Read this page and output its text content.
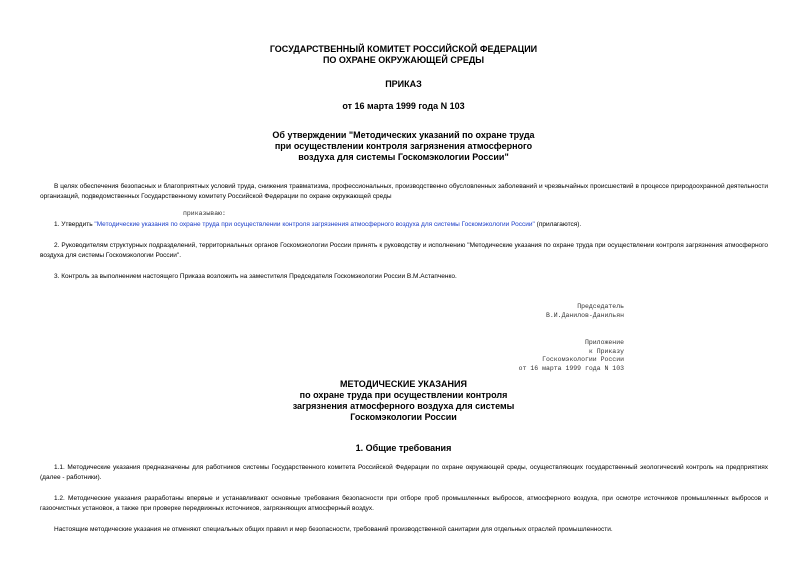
ГОСУДАРСТВЕННЫЙ КОМИТЕТ РОССИЙСКОЙ ФЕДЕРАЦИИ
ПО ОХРАНЕ ОКРУЖАЮЩЕЙ СРЕДЫ
ПРИКАЗ
от 16 марта 1999 года N 103
Об утверждении "Методических указаний по охране труда
при осуществлении контроля загрязнения атмосферного
воздуха для системы Госкомэкологии России"
В целях обеспечения безопасных и благоприятных условий труда, снижения травматизма, профессиональных, производственно обусловленных заболеваний и чрезвычайных происшествий в процессе природоохранной деятельности организаций, подведомственных Государственному комитету Российской Федерации по охране окружающей среды
приказываю:
1. Утвердить "Методические указания по охране труда при осуществлении контроля загрязнения атмосферного воздуха для системы Госкомэкологии России" (прилагаются).
2. Руководителям структурных подразделений, территориальных органов Госкомэкологии России принять к руководству и исполнению "Методические указания по охране труда при осуществлении контроля загрязнения атмосферного воздуха для системы Госкомэкологии России".
3. Контроль за выполнением настоящего Приказа возложить на заместителя Председателя Госкомэкологии России В.М.Астапченко.
Председатель
В.И.Данилов-Данильян
Приложение
к Приказу
Госкомэкологии России
от 16 марта 1999 года N 103
МЕТОДИЧЕСКИЕ УКАЗАНИЯ
по охране труда при осуществлении контроля
загрязнения атмосферного воздуха для системы
Госкомэкологии России
1. Общие требования
1.1. Методические указания предназначены для работников системы Государственного комитета Российской Федерации по охране окружающей среды, осуществляющих государственный экологический контроль на предприятиях (далее - работники).
1.2. Методические указания разработаны впервые и устанавливают основные требования безопасности при отборе проб промышленных выбросов, атмосферного воздуха, при осмотре источников промышленных выбросов и газоочистных установок, а также при проверке передвижных источников, загрязняющих атмосферный воздух.
Настоящие методические указания не отменяют специальных общих правил и мер безопасности, требований производственной санитарии для отдельных отраслей промышленности.
